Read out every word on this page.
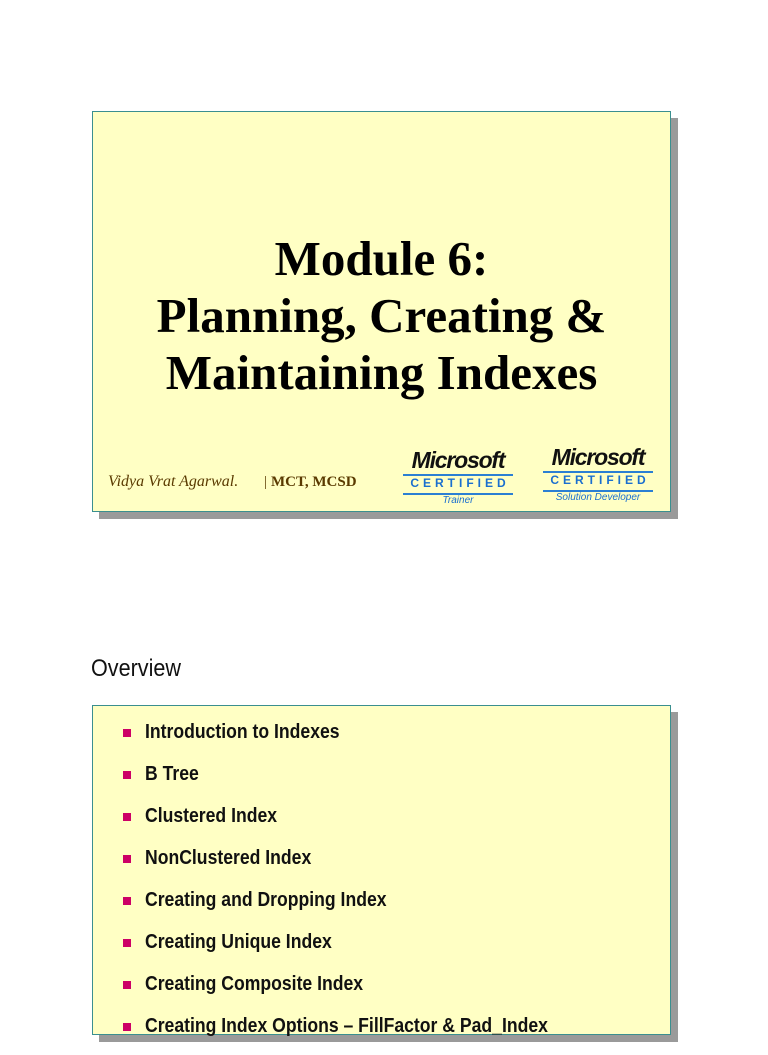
Module 6:
Planning, Creating &
Maintaining Indexes
Vidya Vrat Agarwal. | MCT, MCSD
Microsoft
CERTIFIED
Trainer
Microsoft
CERTIFIED
Solution Developer
Overview
Introduction to Indexes
B Tree
Clustered Index
NonClustered Index
Creating and Dropping Index
Creating Unique Index
Creating Composite Index
Creating Index Options – FillFactor & Pad_Index
